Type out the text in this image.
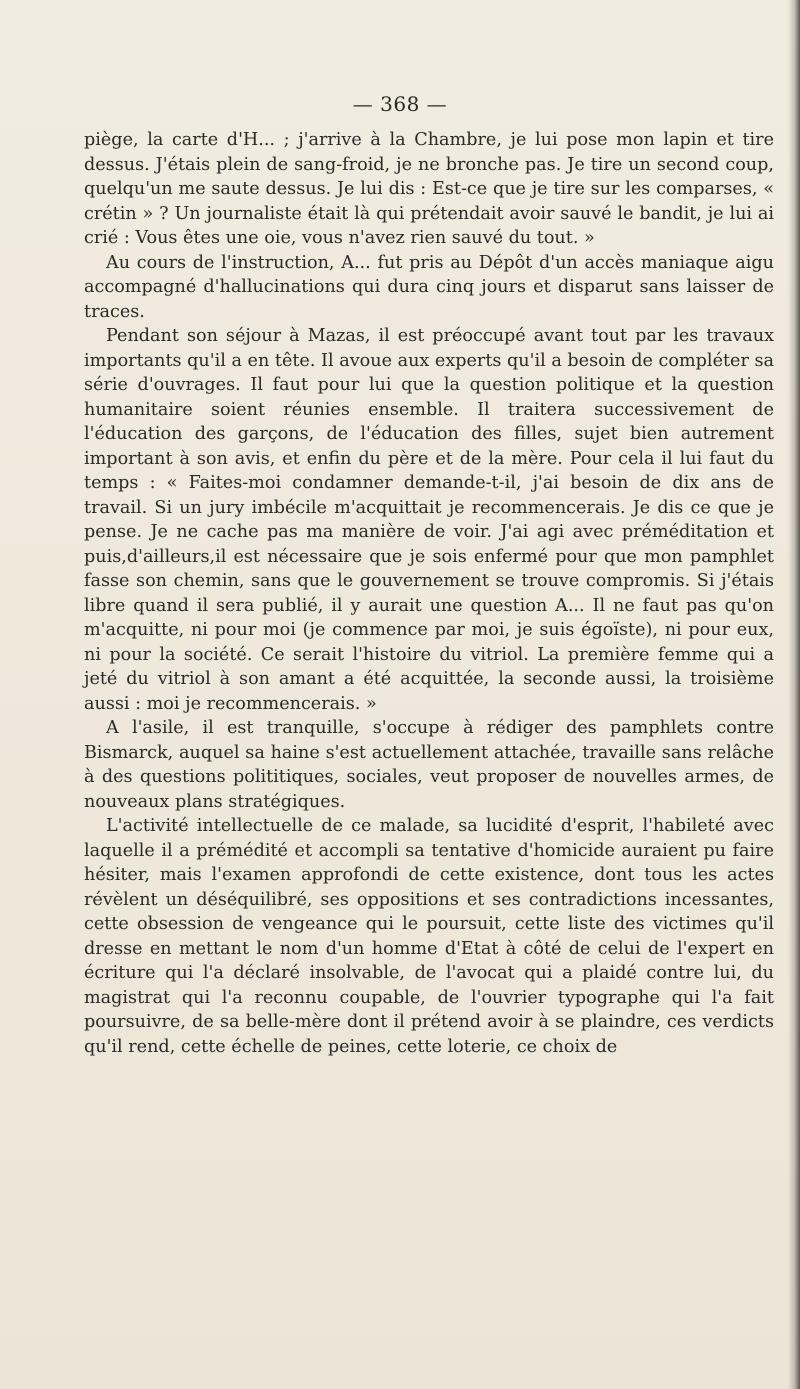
— 368 —

piège, la carte d'H... ; j'arrive à la Chambre, je lui pose mon lapin et tire dessus. J'étais plein de sang-froid, je ne bronche pas. Je tire un second coup, quelqu'un me saute dessus. Je lui dis : Est-ce que je tire sur les comparses, « crétin » ? Un journaliste était là qui prétendait avoir sauvé le bandit, je lui ai crié : Vous êtes une oie, vous n'avez rien sauvé du tout. »

Au cours de l'instruction, A... fut pris au Dépôt d'un accès maniaque aigu accompagné d'hallucinations qui dura cinq jours et disparut sans laisser de traces.

Pendant son séjour à Mazas, il est préoccupé avant tout par les travaux importants qu'il a en tête. Il avoue aux experts qu'il a besoin de compléter sa série d'ouvrages. Il faut pour lui que la question politique et la question humanitaire soient réunies ensemble. Il traitera successivement de l'éducation des garçons, de l'éducation des filles, sujet bien autrement important à son avis, et enfin du père et de la mère. Pour cela il lui faut du temps : « Faites-moi condamner demande-t-il, j'ai besoin de dix ans de travail. Si un jury imbécile m'acquittait je recommencerais. Je dis ce que je pense. Je ne cache pas ma manière de voir. J'ai agi avec préméditation et puis,d'ailleurs,il est nécessaire que je sois enfermé pour que mon pamphlet fasse son chemin, sans que le gouvernement se trouve compromis. Si j'étais libre quand il sera publié, il y aurait une question A... Il ne faut pas qu'on m'acquitte, ni pour moi (je commence par moi, je suis égoïste), ni pour eux, ni pour la société. Ce serait l'histoire du vitriol. La première femme qui a jeté du vitriol à son amant a été acquittée, la seconde aussi, la troisième aussi : moi je recommencerais. »

A l'asile, il est tranquille, s'occupe à rédiger des pamphlets contre Bismarck, auquel sa haine s'est actuellement attachée, travaille sans relâche à des questions polititiques, sociales, veut proposer de nouvelles armes, de nouveaux plans stratégiques.

L'activité intellectuelle de ce malade, sa lucidité d'esprit, l'habileté avec laquelle il a prémédité et accompli sa tentative d'homicide auraient pu faire hésiter, mais l'examen approfondi de cette existence, dont tous les actes révèlent un déséquilibré, ses oppositions et ses contradictions incessantes, cette obsession de vengeance qui le poursuit, cette liste des victimes qu'il dresse en mettant le nom d'un homme d'Etat à côté de celui de l'expert en écriture qui l'a déclaré insolvable, de l'avocat qui a plaidé contre lui, du magistrat qui l'a reconnu coupable, de l'ouvrier typographe qui l'a fait poursuivre, de sa belle-mère dont il prétend avoir à se plaindre, ces verdicts qu'il rend, cette échelle de peines, cette loterie, ce choix de
